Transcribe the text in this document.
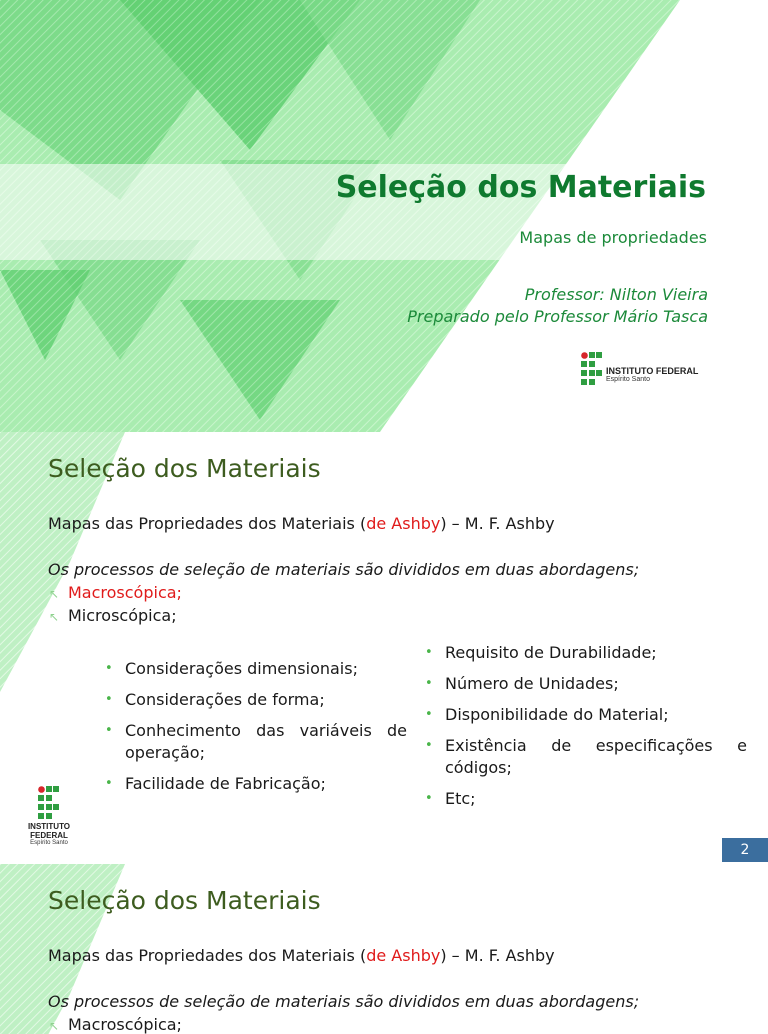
Seleção dos Materiais

Mapas de propriedades

Professor: Nilton Vieira

Preparado pelo Professor Mário Tasca

INSTITUTO FEDERAL
Espírito Santo
Seleção dos Materiais

Mapas das Propriedades dos Materiais (de Ashby) – M. F. Ashby

Os processos de seleção de materiais são divididos em duas abordagens;

↖ Macroscópica;

↖ Microscópica;

• Considerações dimensionais;
• Considerações de forma;
• Conhecimento das variáveis de
operação;
• Facilidade de Fabricação;
• Requisito de Durabilidade;
• Número de Unidades;
• Disponibilidade do Material;
• Existência de especificações e
códigos;
• Etc;
INSTITUTO
FEDERAL
Espírito Santo	2
Seleção dos Materiais

Mapas das Propriedades dos Materiais (de Ashby) – M. F. Ashby

Os processos de seleção de materiais são divididos em duas abordagens;

↖ Macroscópica;
